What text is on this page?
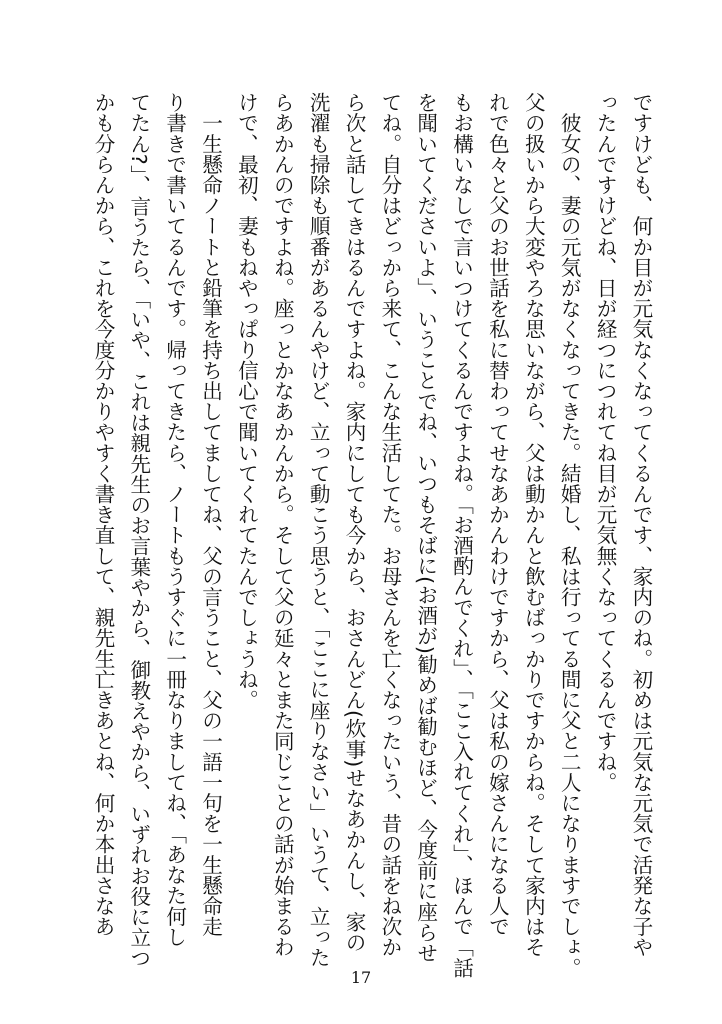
ですけども、何か目が元気なくなってくるんです、家内のね。初めは元気な元気で活発な子や

ったんですけどね、日が経つにつれてね目が元気無くなってくるんですね。

　彼女の、妻の元気がなくなってきた。結婚し、私は行ってる間に父と二人になりますでしょ。

父の扱いから大変やろな思いながら、父は動かんと飲むばっかりですからね。そして家内はそ

れで色々と父のお世話を私に替わってせなあかんわけですから、父は私の嫁さんになる人で

もお構いなしで言いつけてくるんですよね。「お酒酌んでくれ」、「ここ入れてくれ」、ほんで「話

を聞いてくださいよ」、いうことでね、いつもそばに(お酒が)勧めば勧むほど、今度前に座らせ

てね。自分はどっから来て、こんな生活してた。お母さんを亡くなったいう、昔の話をね次か

ら次と話してきはるんですよね。家内にしても今から、おさんどん(炊事)せなあかんし、家の

洗濯も掃除も順番があるんやけど、立って動こう思うと、「ここに座りなさい」いうて、立った

らあかんのですよね。座っとかなあかんから。そして父の延々とまた同じことの話が始まるわ

けで、最初、妻もねやっぱり信心で聞いてくれてたんでしょうね。

　一生懸命ノートと鉛筆を持ち出してましてね、父の言うこと、父の一語一句を一生懸命走

り書きで書いてるんです。帰ってきたら、ノートもうすぐに一冊なりましてね、「あなた何し

てたん?」、言うたら、「いや、これは親先生のお言葉やから、御教えやから、いずれお役に立つ

かも分らんから、これを今度分かりやすく書き直して、親先生亡きあとね、何か本出さなあ

17
